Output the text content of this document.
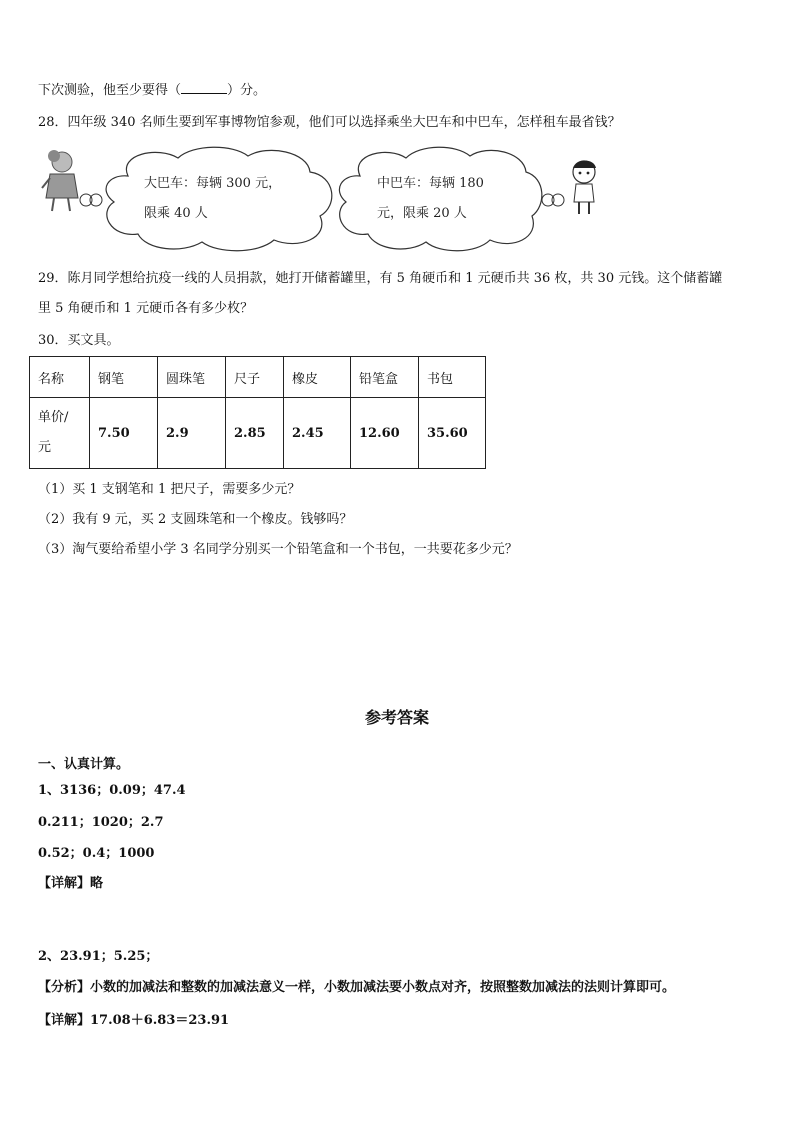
下次测验，他至少要得（	）分。
28．四年级 340 名师生要到军事博物馆参观，他们可以选择乘坐大巴车和中巴车，怎样租车最省钱？
大巴车：每辆 300 元，
限乘 40 人
中巴车：每辆 180
元，限乘 20 人
29．陈月同学想给抗疫一线的人员捐款，她打开储蓄罐里，有 5 角硬币和 1 元硬币共 36 枚，共 30 元钱。这个储蓄罐
里 5 角硬币和 1 元硬币各有多少枚？
30．买文具。
名称	钢笔	圆珠笔	尺子	橡皮	铅笔盒	书包

单价/
元	7.50	2.9	2.85	2.45	12.60	35.60
（1）买 1 支钢笔和 1 把尺子，需要多少元？
（2）我有 9 元，买 2 支圆珠笔和一个橡皮。钱够吗？
（3）淘气要给希望小学 3 名同学分别买一个铅笔盒和一个书包，一共要花多少元？
参考答案
一、认真计算。
1、3136；0.09；47.4
0.211；1020；2.7
0.52；0.4；1000
【详解】略
2、23.91；5.25；
【分析】小数的加减法和整数的加减法意义一样，小数加减法要小数点对齐，按照整数加减法的法则计算即可。
【详解】17.08＋6.83＝23.91
